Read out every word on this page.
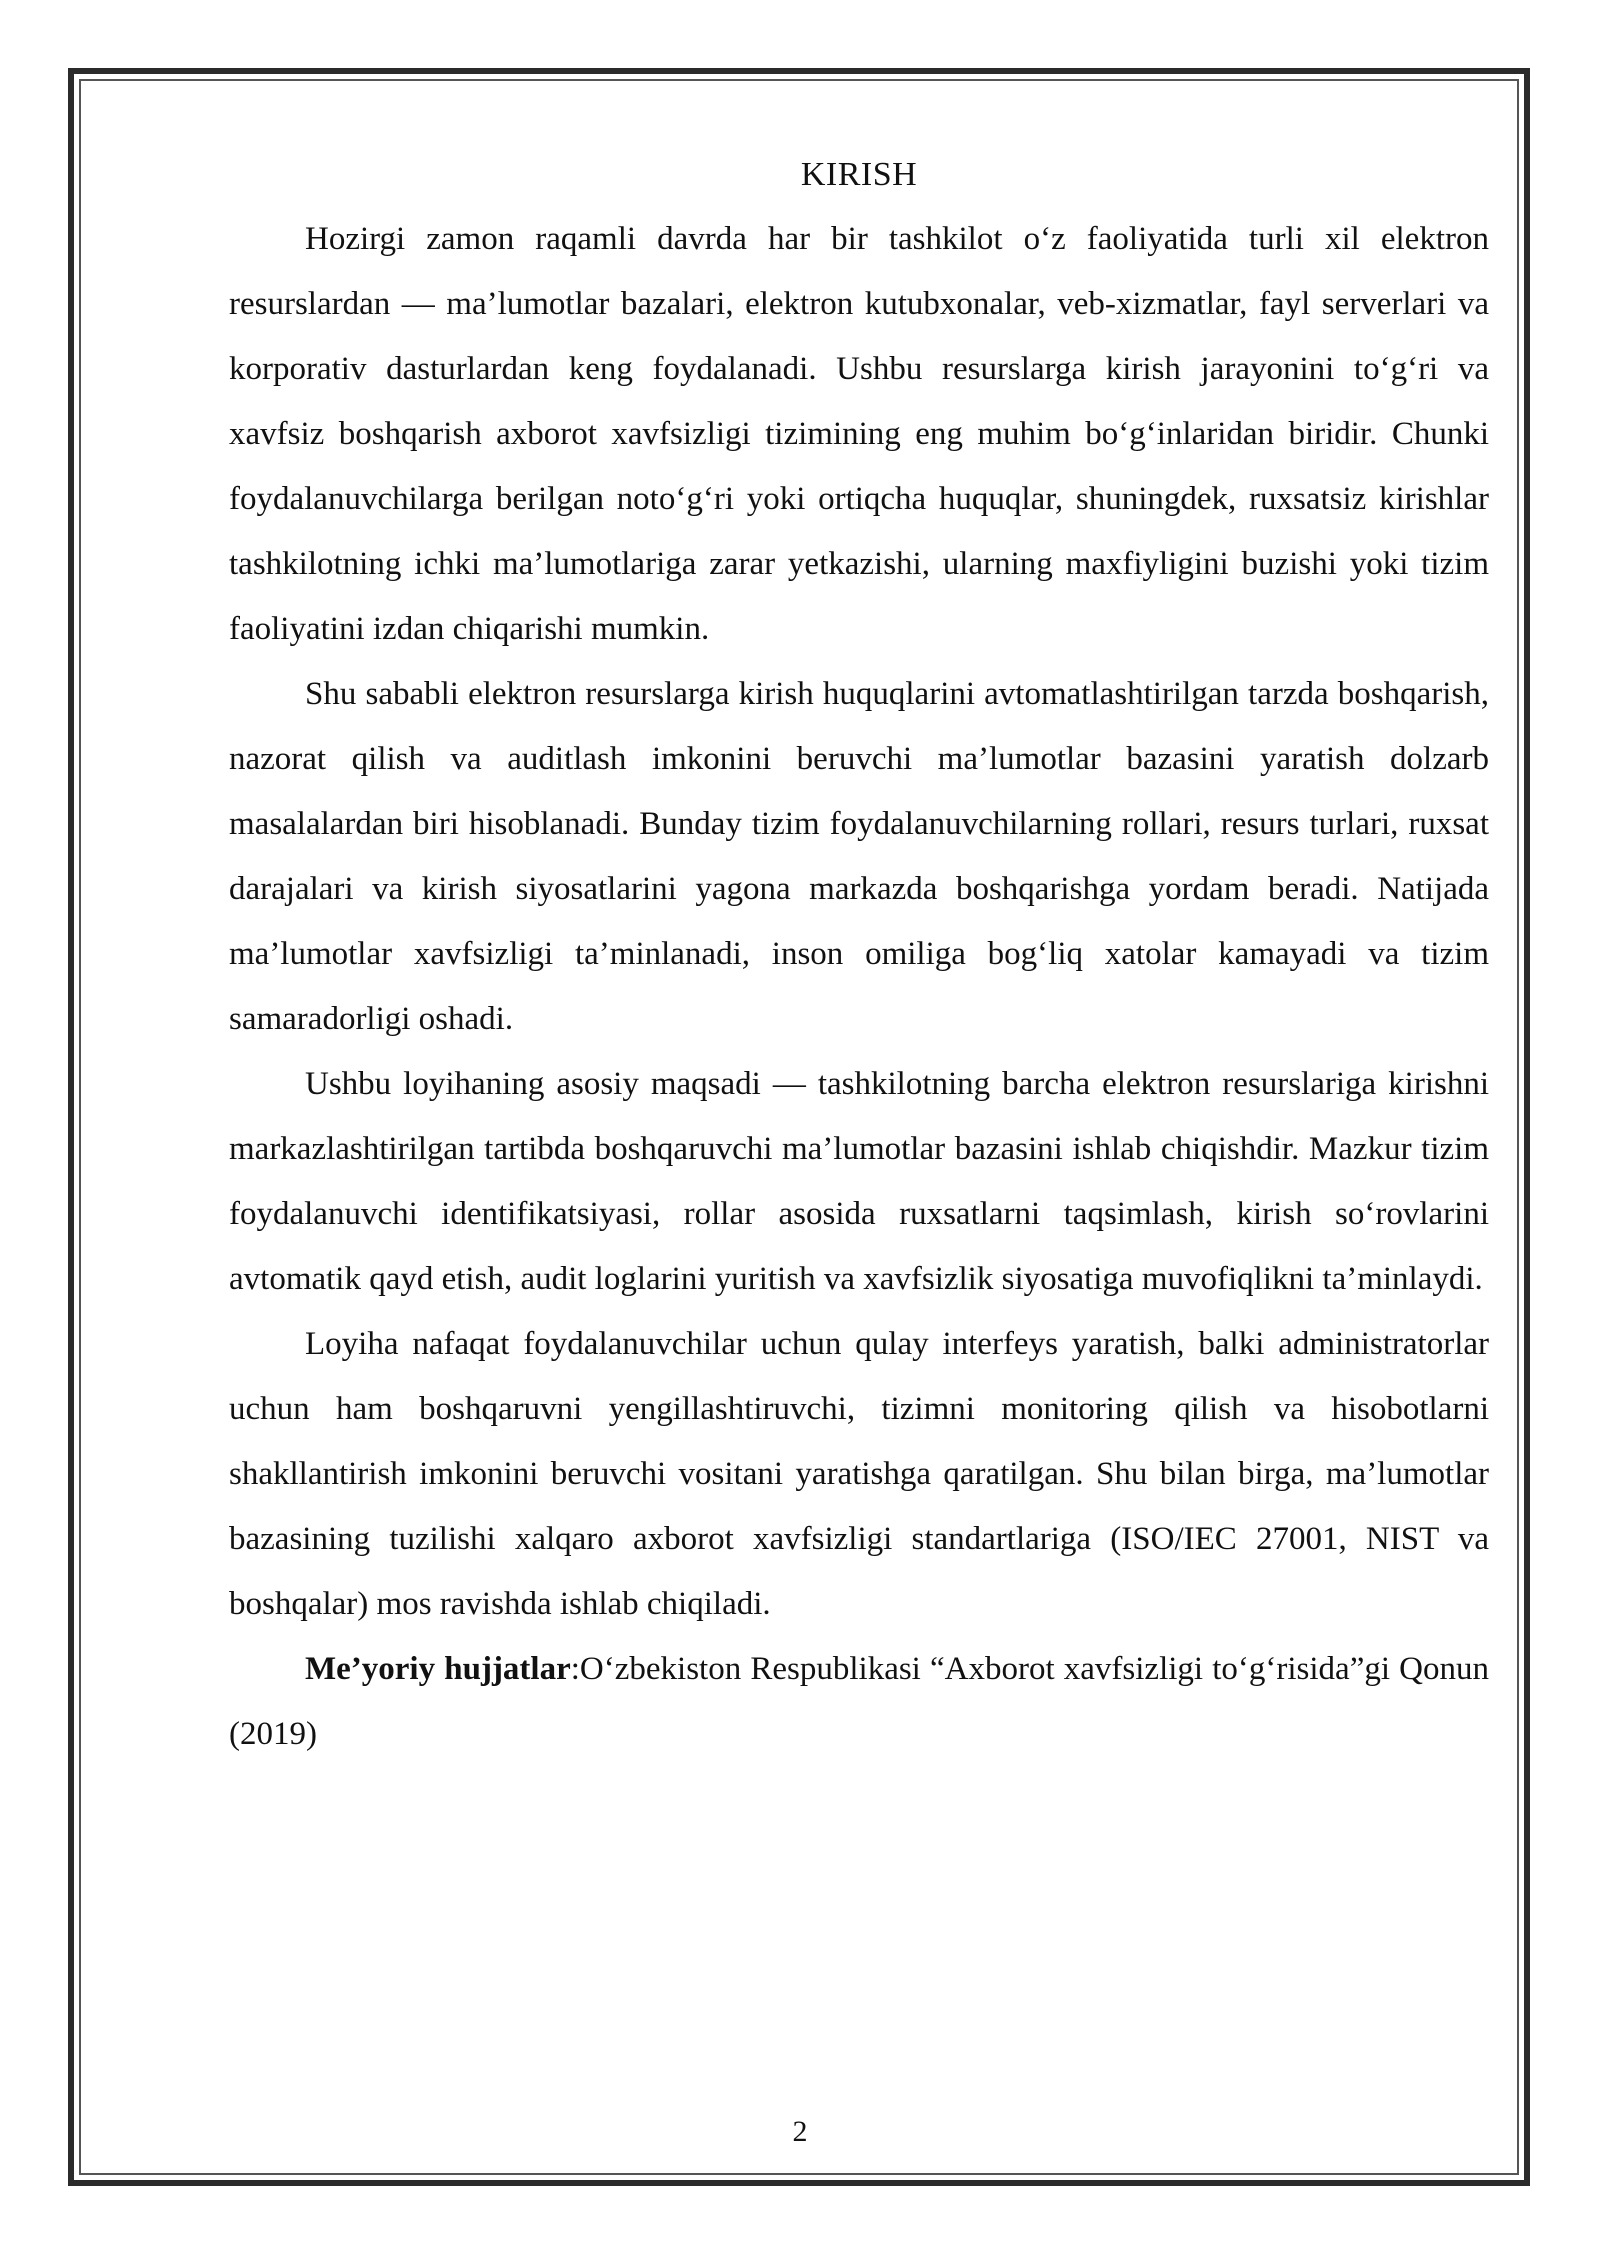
KIRISH

Hozirgi zamon raqamli davrda har bir tashkilot o‘z faoliyatida turli xil elektron resurslardan — ma’lumotlar bazalari, elektron kutubxonalar, veb-xizmatlar, fayl serverlari va korporativ dasturlardan keng foydalanadi. Ushbu resurslarga kirish jarayonini to‘g‘ri va xavfsiz boshqarish axborot xavfsizligi tizimining eng muhim bo‘g‘inlaridan biridir. Chunki foydalanuvchilarga berilgan noto‘g‘ri yoki ortiqcha huquqlar, shuningdek, ruxsatsiz kirishlar tashkilotning ichki ma’lumotlariga zarar yetkazishi, ularning maxfiyligini buzishi yoki tizim faoliyatini izdan chiqarishi mumkin.

Shu sababli elektron resurslarga kirish huquqlarini avtomatlashtirilgan tarzda boshqarish, nazorat qilish va auditlash imkonini beruvchi ma’lumotlar bazasini yaratish dolzarb masalalardan biri hisoblanadi. Bunday tizim foydalanuvchilarning rollari, resurs turlari, ruxsat darajalari va kirish siyosatlarini yagona markazda boshqarishga yordam beradi. Natijada ma’lumotlar xavfsizligi ta’minlanadi, inson omiliga bog‘liq xatolar kamayadi va tizim samaradorligi oshadi.

Ushbu loyihaning asosiy maqsadi — tashkilotning barcha elektron resurslariga kirishni markazlashtirilgan tartibda boshqaruvchi ma’lumotlar bazasini ishlab chiqishdir. Mazkur tizim foydalanuvchi identifikatsiyasi, rollar asosida ruxsatlarni taqsimlash, kirish so‘rovlarini avtomatik qayd etish, audit loglarini yuritish va xavfsizlik siyosatiga muvofiqlikni ta’minlaydi.

Loyiha nafaqat foydalanuvchilar uchun qulay interfeys yaratish, balki administratorlar uchun ham boshqaruvni yengillashtiruvchi, tizimni monitoring qilish va hisobotlarni shakllantirish imkonini beruvchi vositani yaratishga qaratilgan. Shu bilan birga, ma’lumotlar bazasining tuzilishi xalqaro axborot xavfsizligi standartlariga (ISO/IEC 27001, NIST va boshqalar) mos ravishda ishlab chiqiladi.

Me’yoriy hujjatlar:O‘zbekiston Respublikasi “Axborot xavfsizligi to‘g‘risida”gi Qonun (2019)

2
